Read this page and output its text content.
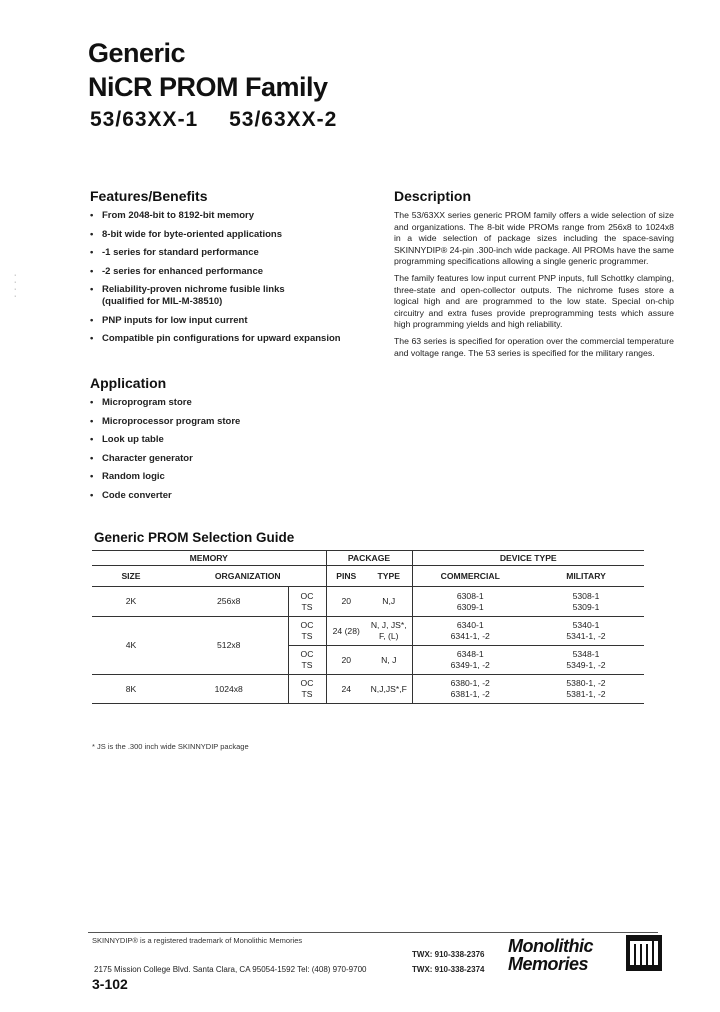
Generic
NiCR PROM Family
53/63XX-1 53/63XX-2
·
·
·
·
Features/Benefits
• From 2048-bit to 8192-bit memory
• 8-bit wide for byte-oriented applications
• -1 series for standard performance
• -2 series for enhanced performance
• Reliability-proven nichrome fusible links (qualified for MIL-M-38510)
• PNP inputs for low input current
• Compatible pin configurations for upward expansion
Application
• Microprogram store
• Microprocessor program store
• Look up table
• Character generator
• Random logic
• Code converter
Description

The 53/63XX series generic PROM family offers a wide selection of size and organizations. The 8-bit wide PROMs range from 256x8 to 1024x8 in a wide selection of package sizes including the space-saving SKINNYDIP® 24-pin .300-inch wide package. All PROMs have the same programming specifications allowing a single generic programmer.

The family features low input current PNP inputs, full Schottky clamping, three-state and open-collector outputs. The nichrome fuses store a logical high and are programmed to the low state. Special on-chip circuitry and extra fuses provide preprogramming tests which assure high programming yields and high reliability.

The 63 series is specified for operation over the commercial temperature and voltage range. The 53 series is specified for the military ranges.

Generic PROM Selection Guide
MEMORY			PACKAGE		DEVICE TYPE	
SIZE	ORGANIZATION		PINS	TYPE	COMMERCIAL	MILITARY
2K	256x8	OC	20	N,J	6308-1	5308-1
		TS			6309-1	5309-1
4K	512x8	OC	24 (28)	N, J, JS*, F, (L)	6340-1	5340-1
		TS			6341-1, -2	5341-1, -2
		OC	20	N, J	6348-1	5348-1
		TS			6349-1, -2	5349-1, -2
8K	1024x8	OC	24	N,J,JS*,F	6380-1, -2	5380-1, -2
		TS			6381-1, -2	5381-1, -2
* JS is the .300 inch wide SKINNYDIP package
SKINNYDIP® is a registered trademark of Monolithic Memories
TWX: 910-338-2376
2175 Mission College Blvd. Santa Clara, CA 95054-1592 Tel: (408) 970-9700	TWX: 910-338-2374
3-102
Monolithic
Memories
